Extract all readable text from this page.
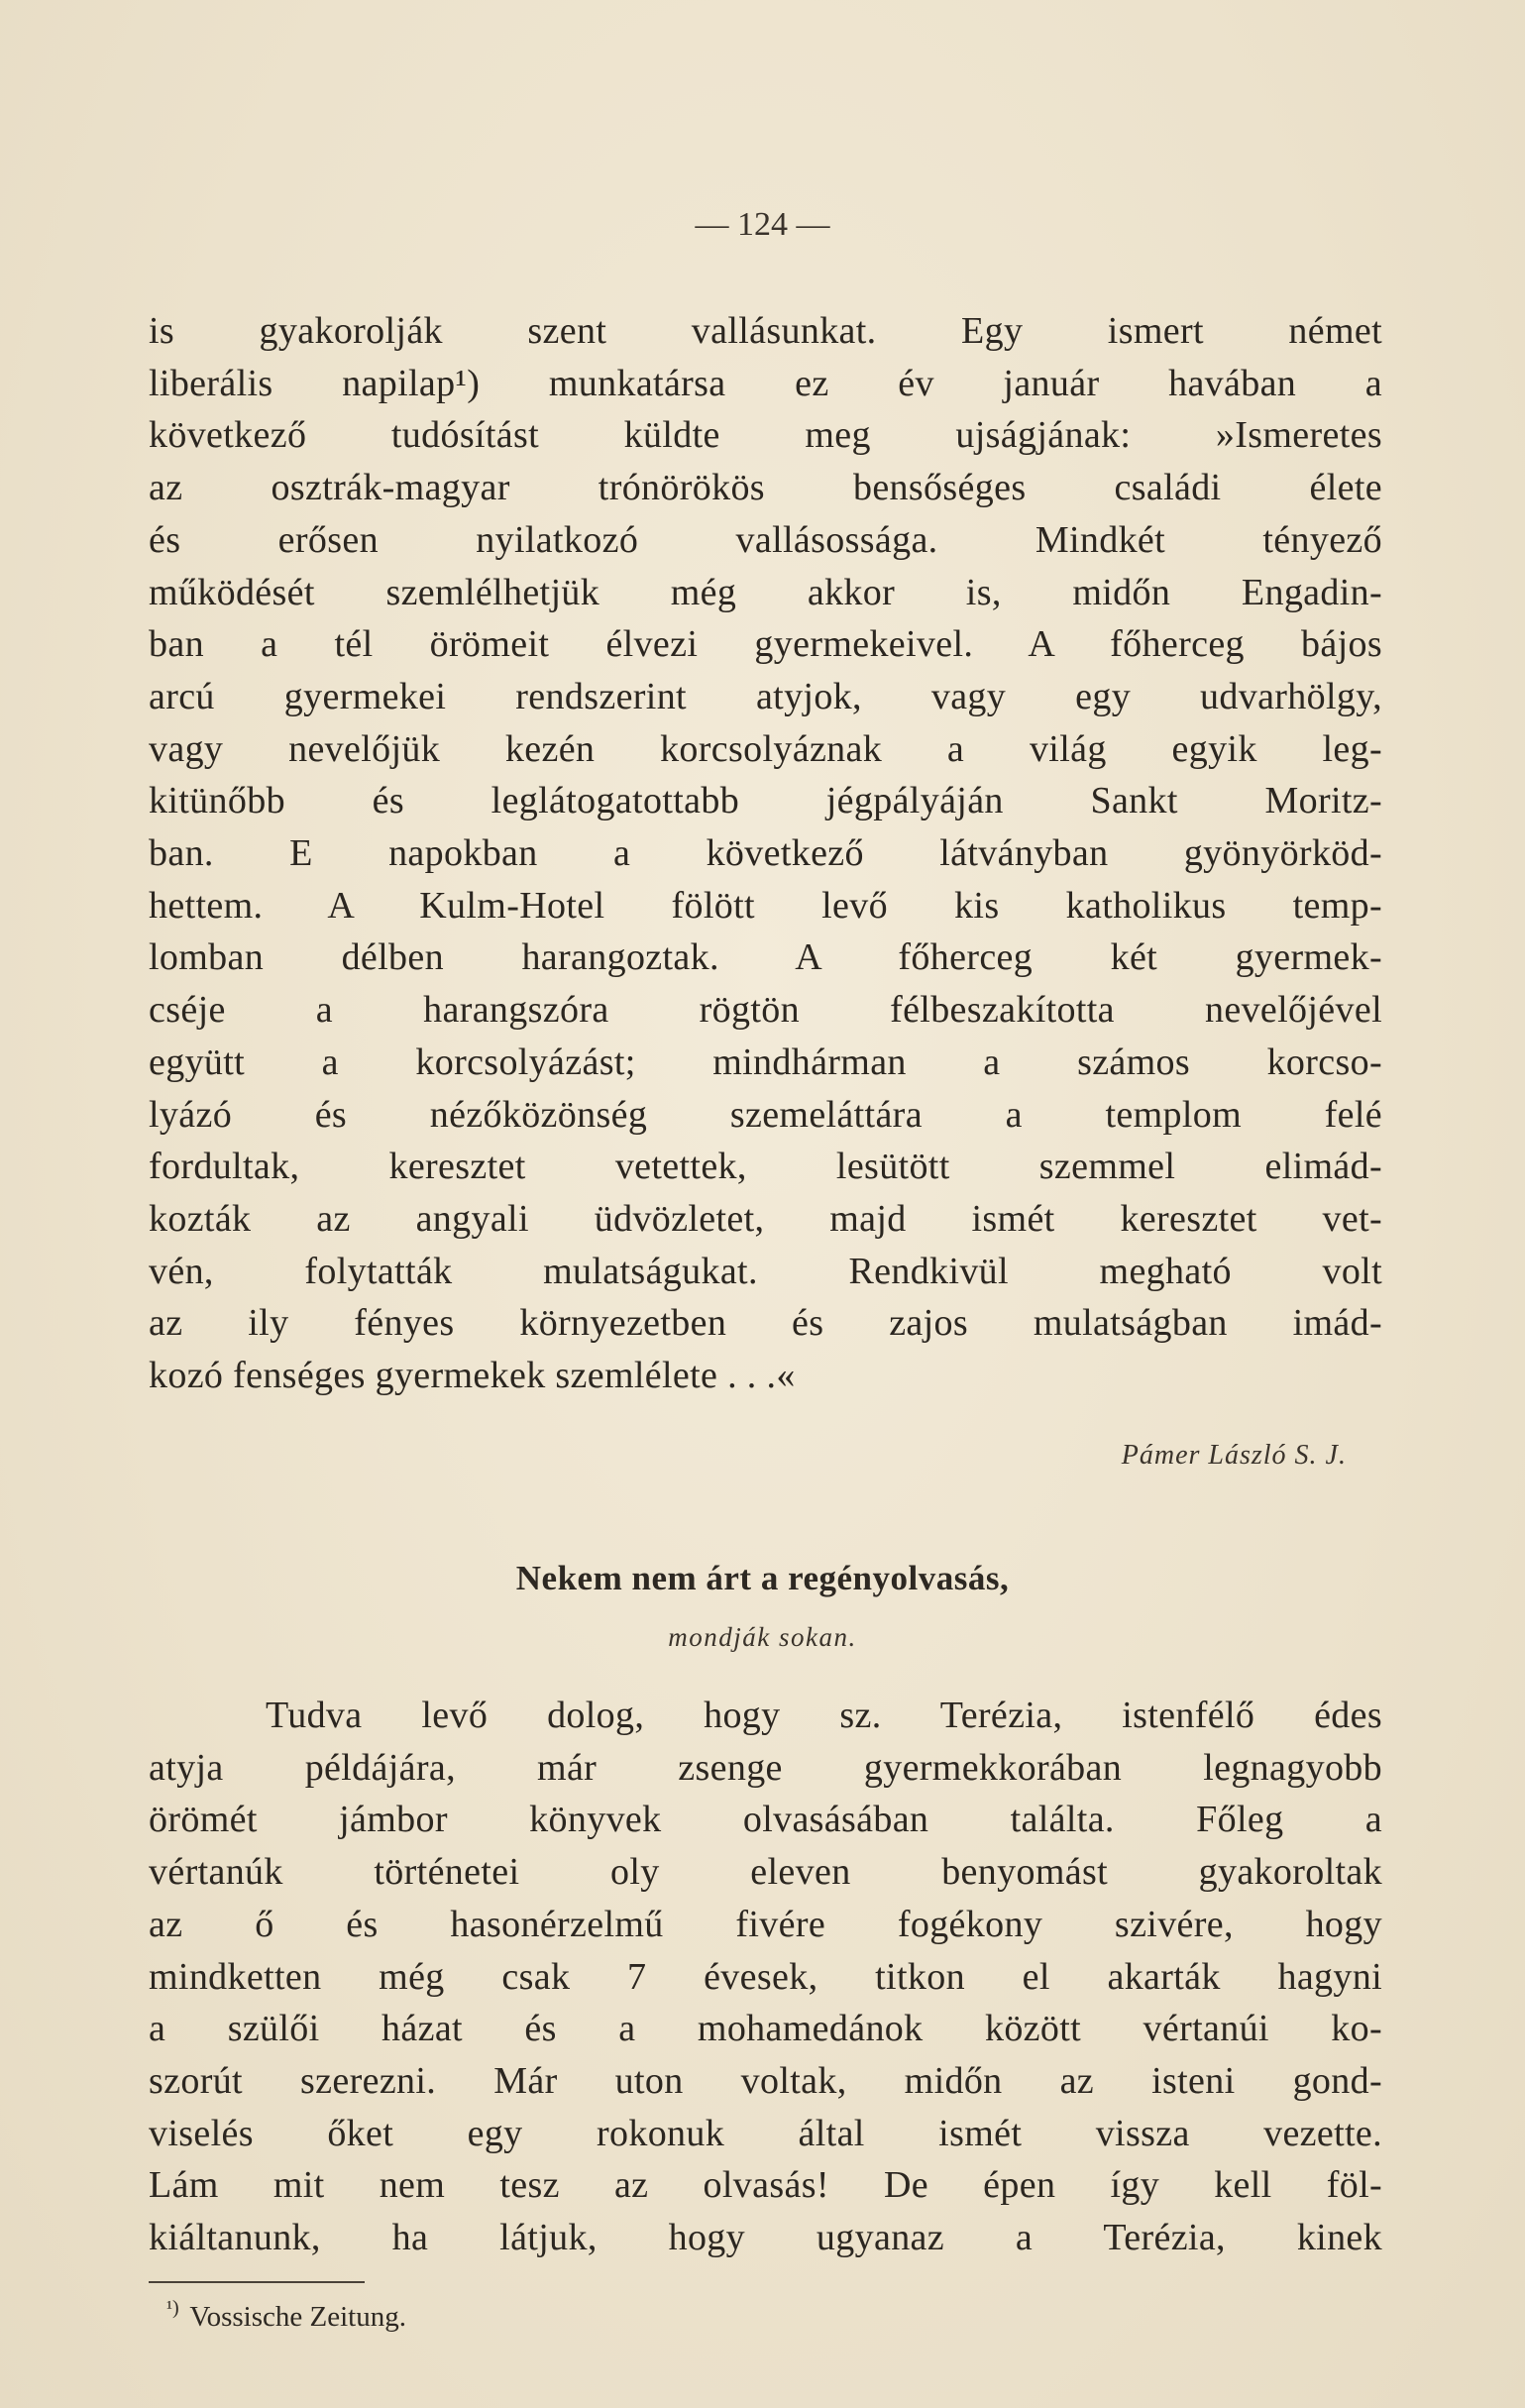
— 124 —
is gyakorolják szent vallásunkat. Egy ismert német
liberális napilap¹) munkatársa ez év január havában a
következő tudósítást küldte meg ujságjának: »Ismeretes
az osztrák-magyar trónörökös bensőséges családi élete
és erősen nyilatkozó vallásossága. Mindkét tényező
működését szemlélhetjük még akkor is, midőn Engadin-
ban a tél örömeit élvezi gyermekeivel. A főherceg bájos
arcú gyermekei rendszerint atyjok, vagy egy udvarhölgy,
vagy nevelőjük kezén korcsolyáznak a világ egyik leg-
kitünőbb és leglátogatottabb jégpályáján Sankt Moritz-
ban. E napokban a következő látványban gyönyörköd-
hettem. A Kulm-Hotel fölött levő kis katholikus temp-
lomban délben harangoztak. A főherceg két gyermek-
cséje a harangszóra rögtön félbeszakította nevelőjével
együtt a korcsolyázást; mindhárman a számos korcso-
lyázó és nézőközönség szemeláttára a templom felé
fordultak, keresztet vetettek, lesütött szemmel elimád-
kozták az angyali üdvözletet, majd ismét keresztet vet-
vén, folytatták mulatságukat. Rendkivül megható volt
az ily fényes környezetben és zajos mulatságban imád-
kozó fenséges gyermekek szemlélete . . .«
Pámer László S. J.
Nekem nem árt a regényolvasás,
mondják sokan.
Tudva levő dolog, hogy sz. Terézia, istenfélő édes
atyja példájára, már zsenge gyermekkorában legnagyobb
örömét jámbor könyvek olvasásában találta. Főleg a
vértanúk történetei oly eleven benyomást gyakoroltak
az ő és hasonérzelmű fivére fogékony szivére, hogy
mindketten még csak 7 évesek, titkon el akarták hagyni
a szülői házat és a mohamedánok között vértanúi ko-
szorút szerezni. Már uton voltak, midőn az isteni gond-
viselés őket egy rokonuk által ismét vissza vezette.
Lám mit nem tesz az olvasás! De épen így kell föl-
kiáltanunk, ha látjuk, hogy ugyanaz a Terézia, kinek
$^{^1)}$ Vossische Zeitung.
